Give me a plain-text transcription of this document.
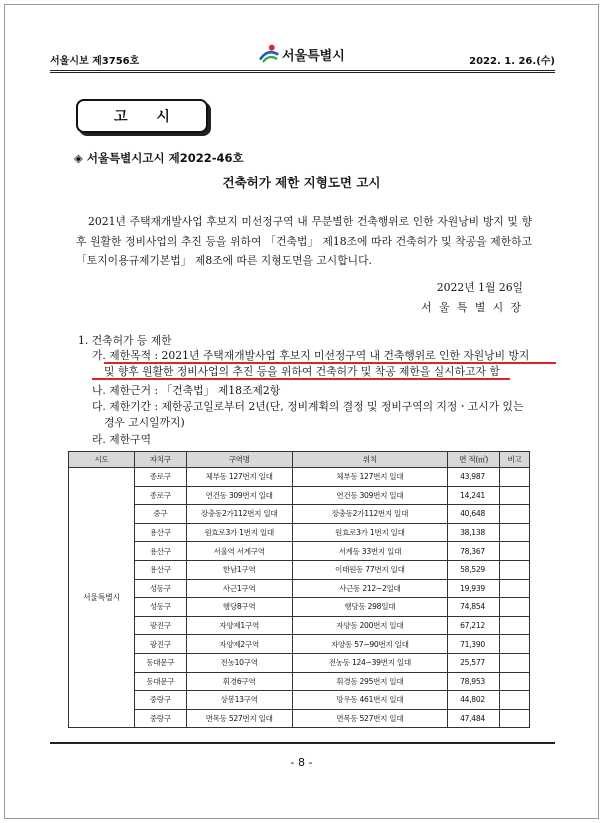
서울시보 제3756호	서울특별시	2022. 1. 26.(수)
고 시
◈ 서울특별시고시 제2022-46호
건축허가 제한 지형도면 고시

2021년 주택재개발사업 후보지 미선정구역 내 무분별한 건축행위로 인한 자원낭비 방지 및 향후 원활한 정비사업의 추진 등을 위하여 「건축법」 제18조에 따라 건축허가 및 착공을 제한하고 「토지이용규제기본법」 제8조에 따른 지형도면을 고시합니다.

2022년 1월 26일
서 울 특 별 시 장
1. 건축허가 등 제한
가. 제한목적 : 2021년 주택재개발사업 후보지 미선정구역 내 건축행위로 인한 자원낭비 방지
및 향후 원활한 정비사업의 추진 등을 위하여 건축허가 및 착공 제한을 실시하고자 함
나. 제한근거 : 「건축법」 제18조제2항
다. 제한기간 : 제한공고일로부터 2년(단, 정비계획의 결정 및 정비구역의 지정ㆍ고시가 있는
경우 고시일까지)
라. 제한구역
시도	자치구	구역명	위치	면 적(㎡)	비고
서울특별시	종로구	체부동 127번지 일대	체부동 127번지 일대	43,987	
	종로구	연건동 309번지 일대	연건동 309번지 일대	14,241	
	중구	장충동2가112번지 일대	장충동2가112번지 일대	40,648	
	용산구	원효로3가 1번지 일대	원효로3가 1번지 일대	38,138	
	용산구	서울역 서계구역	서계동 33번지 일대	78,367	
	용산구	한남1구역	이태원동 77번지 일대	58,529	
	성동구	사근1구역	사근동 212~2일대	19,939	
	성동구	행당8구역	행당동 298일대	74,854	
	광진구	자양제1구역	자양동 200번지 일대	67,212	
	광진구	자양제2구역	자양동 57~90번지 일대	71,390	
	동대문구	전농10구역	전농동 124~39번지 일대	25,577	
	동대문구	휘경6구역	휘경동 295번지 일대	78,953	
	중랑구	상봉13구역	망우동 461번지 일대	44,802	
	중랑구	면목동 527번지 일대	면목동 527번지 일대	47,484	
- 8 -
